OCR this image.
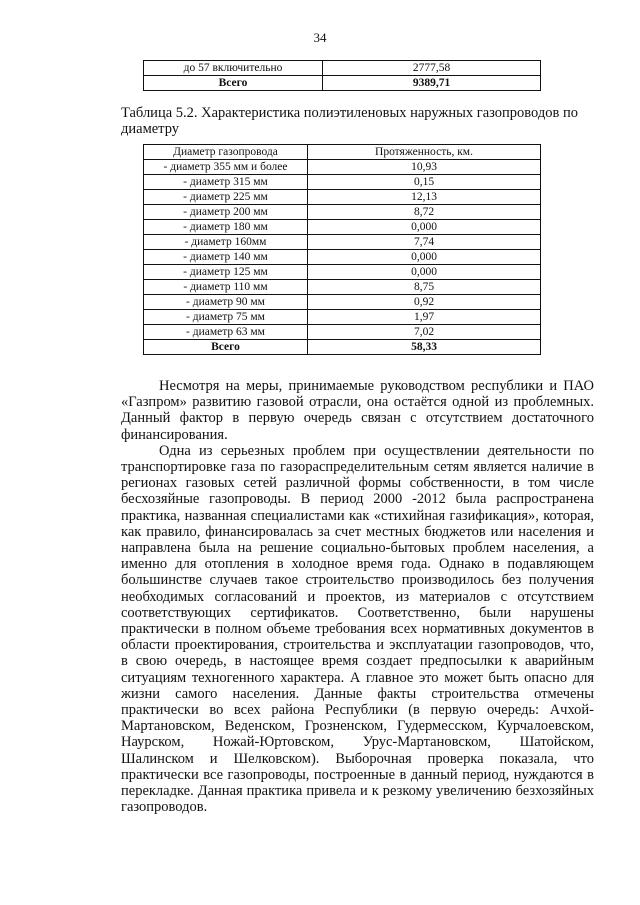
34
до 57 включительно	2777,58
Всего	9389,71
Таблица 5.2. Характеристика полиэтиленовых наружных газопроводов по диаметру
Диаметр газопровода	Протяженность, км.
- диаметр 355 мм и более	10,93
- диаметр 315 мм	0,15
- диаметр 225 мм	12,13
- диаметр 200 мм	8,72
- диаметр 180 мм	0,000
- диаметр 160мм	7,74
- диаметр 140 мм	0,000
- диаметр 125 мм	0,000
- диаметр 110 мм	8,75
- диаметр 90 мм	0,92
- диаметр 75 мм	1,97
- диаметр 63 мм	7,02
Всего	58,33

Несмотря на меры, принимаемые руководством республики и ПАО «Газпром» развитию газовой отрасли, она остаётся одной из проблемных. Данный фактор в первую очередь связан с отсутствием достаточного финансирования.

Одна из серьезных проблем при осуществлении деятельности по транспортировке газа по газораспределительным сетям является наличие в регионах газовых сетей различной формы собственности, в том числе бесхозяйные газопроводы. В период 2000 -2012 была распространена практика, названная специалистами как «стихийная газификация», которая, как правило, финансировалась за счет местных бюджетов или населения и направлена была на решение социально-бытовых проблем населения, а именно для отопления в холодное время года. Однако в подавляющем большинстве случаев такое строительство производилось без получения необходимых согласований и проектов, из материалов с отсутствием соответствующих сертификатов. Соответственно, были нарушены практически в полном объеме требования всех нормативных документов в области проектирования, строительства и эксплуатации газопроводов, что, в свою очередь, в настоящее время создает предпосылки к аварийным ситуациям техногенного характера. А главное это может быть опасно для жизни самого населения. Данные факты строительства отмечены практически во всех района Республики (в первую очередь: Ачхой-Мартановском, Веденском, Грозненском, Гудермесском, Курчалоевском, Наурском, Ножай-Юртовском, Урус-Мартановском, Шатойском, Шалинском и Шелковском). Выборочная проверка показала, что практически все газопроводы, построенные в данный период, нуждаются в перекладке. Данная практика привела и к резкому увеличению безхозяйных газопроводов.
